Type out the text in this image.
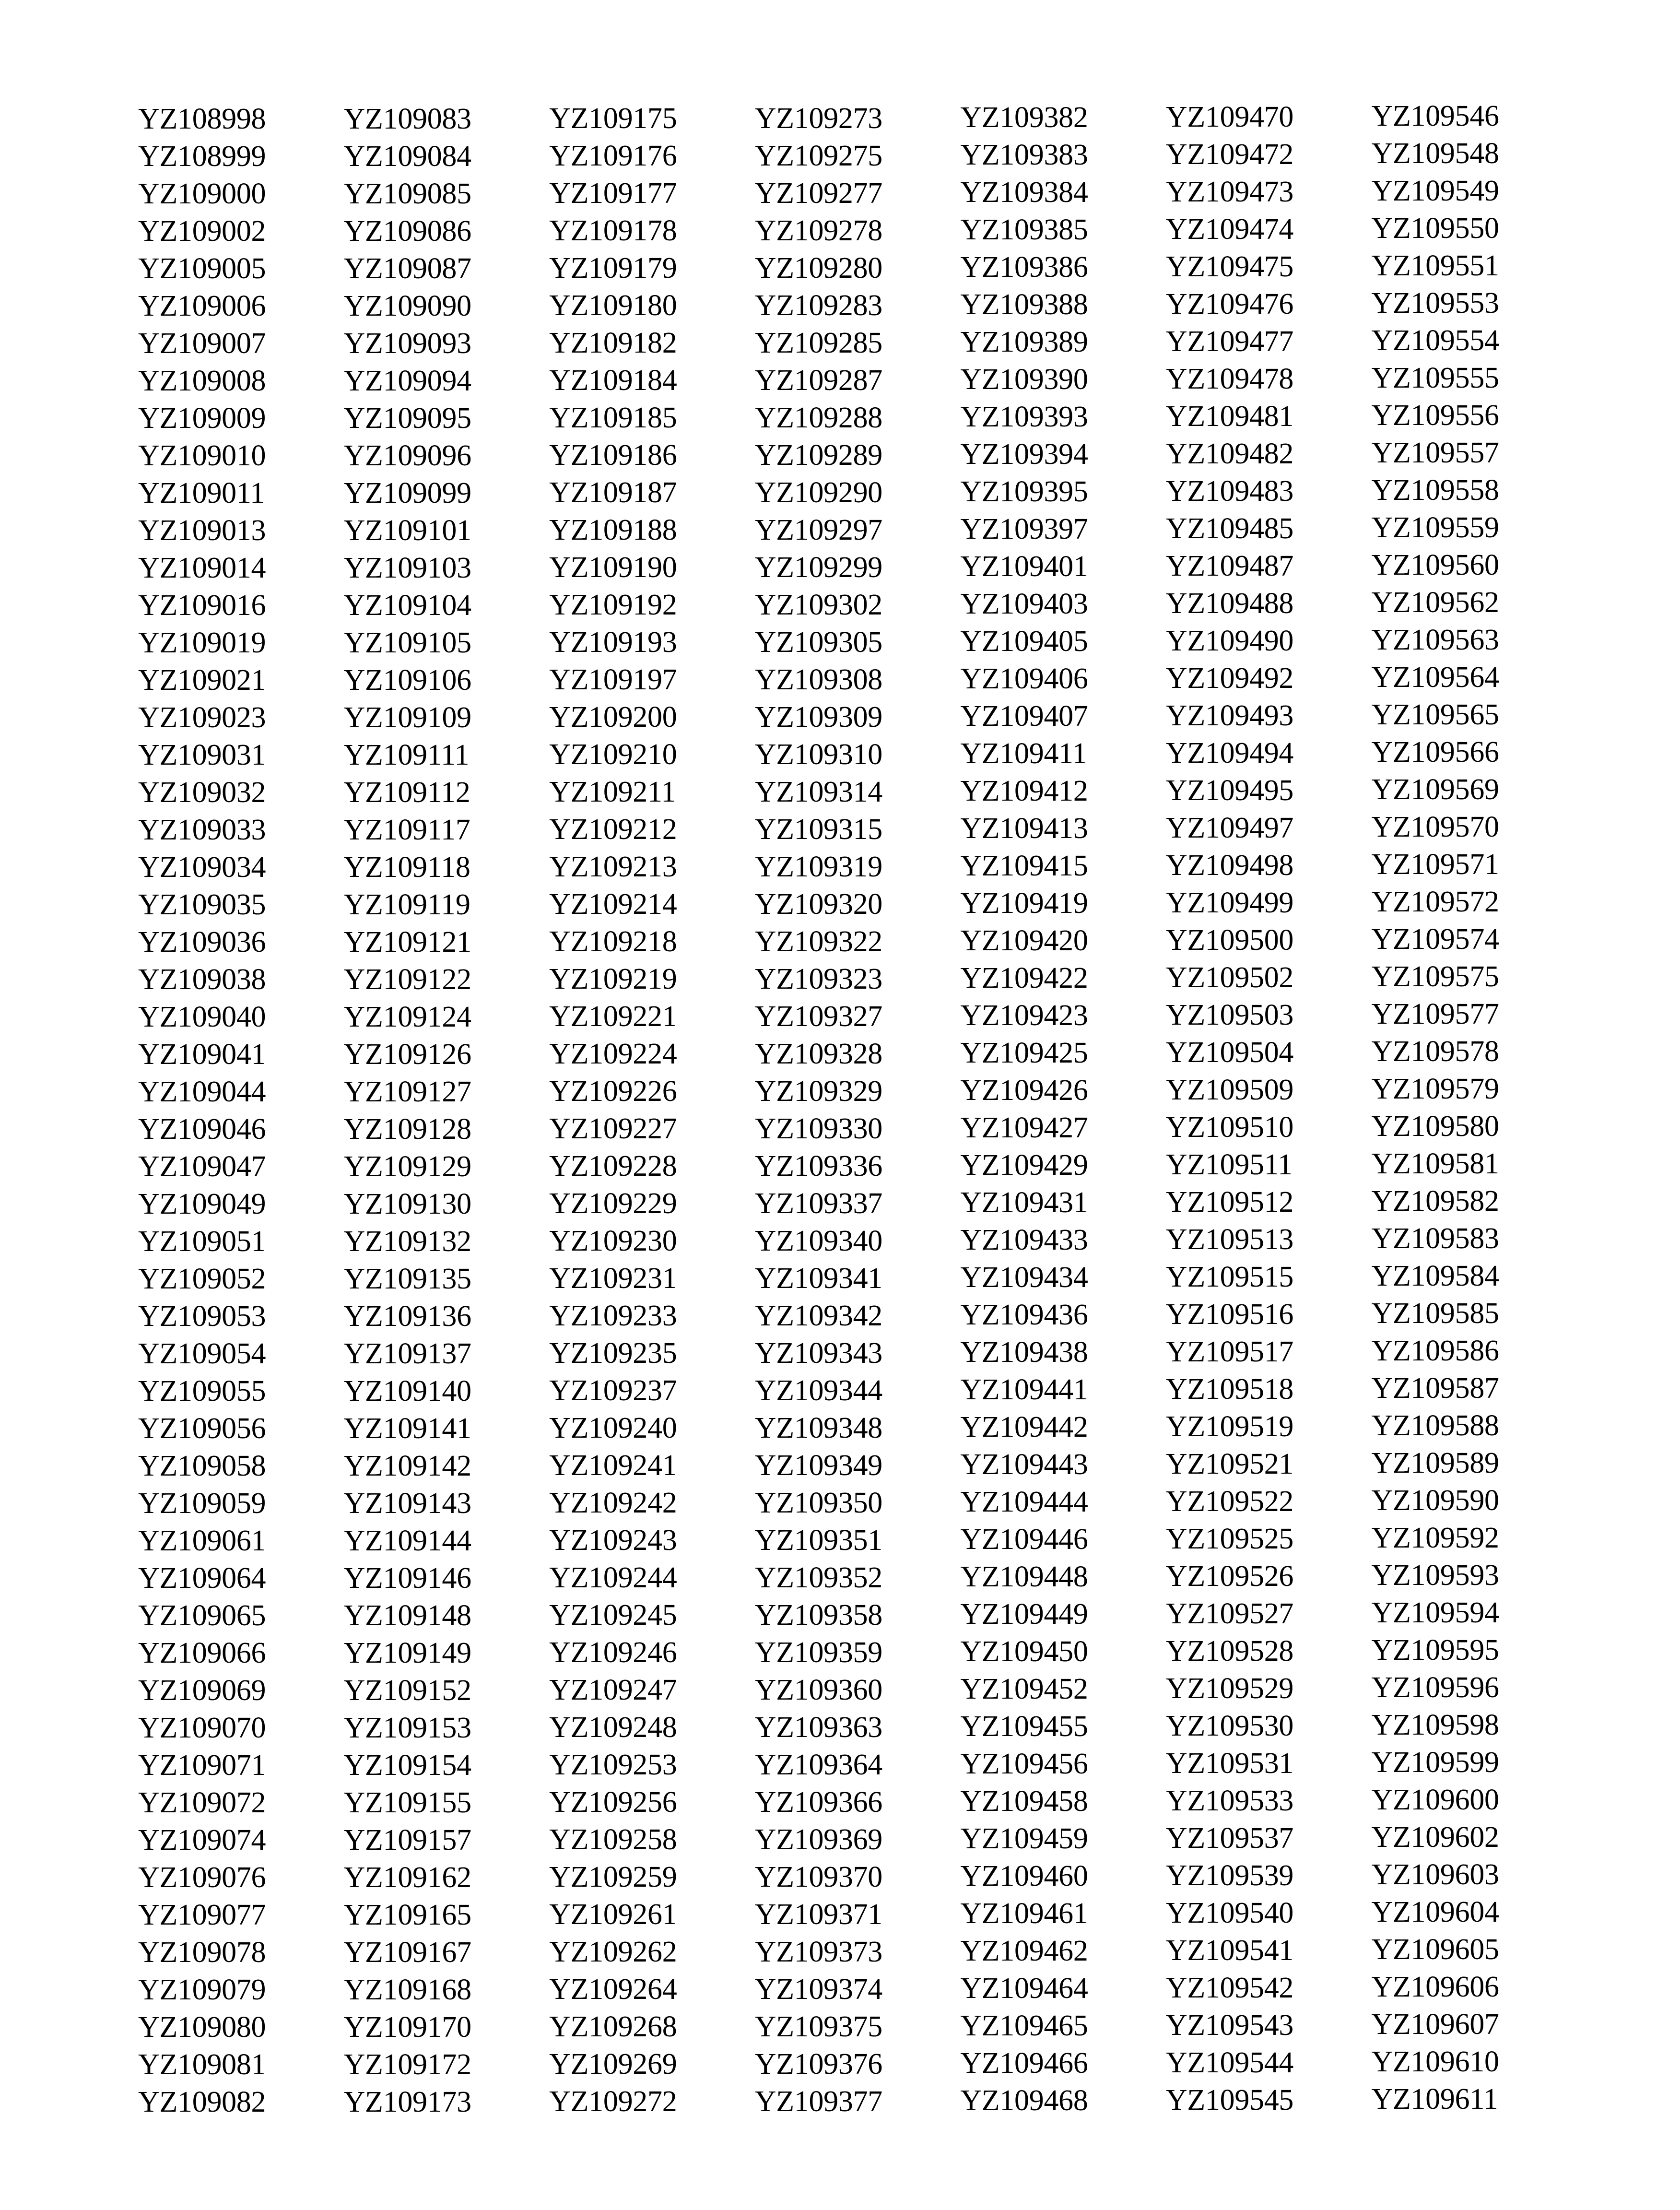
YZ108998
YZ108999
YZ109000
YZ109002
YZ109005
YZ109006
YZ109007
YZ109008
YZ109009
YZ109010
YZ109011
YZ109013
YZ109014
YZ109016
YZ109019
YZ109021
YZ109023
YZ109031
YZ109032
YZ109033
YZ109034
YZ109035
YZ109036
YZ109038
YZ109040
YZ109041
YZ109044
YZ109046
YZ109047
YZ109049
YZ109051
YZ109052
YZ109053
YZ109054
YZ109055
YZ109056
YZ109058
YZ109059
YZ109061
YZ109064
YZ109065
YZ109066
YZ109069
YZ109070
YZ109071
YZ109072
YZ109074
YZ109076
YZ109077
YZ109078
YZ109079
YZ109080
YZ109081
YZ109082
YZ109083
YZ109084
YZ109085
YZ109086
YZ109087
YZ109090
YZ109093
YZ109094
YZ109095
YZ109096
YZ109099
YZ109101
YZ109103
YZ109104
YZ109105
YZ109106
YZ109109
YZ109111
YZ109112
YZ109117
YZ109118
YZ109119
YZ109121
YZ109122
YZ109124
YZ109126
YZ109127
YZ109128
YZ109129
YZ109130
YZ109132
YZ109135
YZ109136
YZ109137
YZ109140
YZ109141
YZ109142
YZ109143
YZ109144
YZ109146
YZ109148
YZ109149
YZ109152
YZ109153
YZ109154
YZ109155
YZ109157
YZ109162
YZ109165
YZ109167
YZ109168
YZ109170
YZ109172
YZ109173
YZ109175
YZ109176
YZ109177
YZ109178
YZ109179
YZ109180
YZ109182
YZ109184
YZ109185
YZ109186
YZ109187
YZ109188
YZ109190
YZ109192
YZ109193
YZ109197
YZ109200
YZ109210
YZ109211
YZ109212
YZ109213
YZ109214
YZ109218
YZ109219
YZ109221
YZ109224
YZ109226
YZ109227
YZ109228
YZ109229
YZ109230
YZ109231
YZ109233
YZ109235
YZ109237
YZ109240
YZ109241
YZ109242
YZ109243
YZ109244
YZ109245
YZ109246
YZ109247
YZ109248
YZ109253
YZ109256
YZ109258
YZ109259
YZ109261
YZ109262
YZ109264
YZ109268
YZ109269
YZ109272
YZ109273
YZ109275
YZ109277
YZ109278
YZ109280
YZ109283
YZ109285
YZ109287
YZ109288
YZ109289
YZ109290
YZ109297
YZ109299
YZ109302
YZ109305
YZ109308
YZ109309
YZ109310
YZ109314
YZ109315
YZ109319
YZ109320
YZ109322
YZ109323
YZ109327
YZ109328
YZ109329
YZ109330
YZ109336
YZ109337
YZ109340
YZ109341
YZ109342
YZ109343
YZ109344
YZ109348
YZ109349
YZ109350
YZ109351
YZ109352
YZ109358
YZ109359
YZ109360
YZ109363
YZ109364
YZ109366
YZ109369
YZ109370
YZ109371
YZ109373
YZ109374
YZ109375
YZ109376
YZ109377
YZ109382
YZ109383
YZ109384
YZ109385
YZ109386
YZ109388
YZ109389
YZ109390
YZ109393
YZ109394
YZ109395
YZ109397
YZ109401
YZ109403
YZ109405
YZ109406
YZ109407
YZ109411
YZ109412
YZ109413
YZ109415
YZ109419
YZ109420
YZ109422
YZ109423
YZ109425
YZ109426
YZ109427
YZ109429
YZ109431
YZ109433
YZ109434
YZ109436
YZ109438
YZ109441
YZ109442
YZ109443
YZ109444
YZ109446
YZ109448
YZ109449
YZ109450
YZ109452
YZ109455
YZ109456
YZ109458
YZ109459
YZ109460
YZ109461
YZ109462
YZ109464
YZ109465
YZ109466
YZ109468
YZ109470
YZ109472
YZ109473
YZ109474
YZ109475
YZ109476
YZ109477
YZ109478
YZ109481
YZ109482
YZ109483
YZ109485
YZ109487
YZ109488
YZ109490
YZ109492
YZ109493
YZ109494
YZ109495
YZ109497
YZ109498
YZ109499
YZ109500
YZ109502
YZ109503
YZ109504
YZ109509
YZ109510
YZ109511
YZ109512
YZ109513
YZ109515
YZ109516
YZ109517
YZ109518
YZ109519
YZ109521
YZ109522
YZ109525
YZ109526
YZ109527
YZ109528
YZ109529
YZ109530
YZ109531
YZ109533
YZ109537
YZ109539
YZ109540
YZ109541
YZ109542
YZ109543
YZ109544
YZ109545
YZ109546
YZ109548
YZ109549
YZ109550
YZ109551
YZ109553
YZ109554
YZ109555
YZ109556
YZ109557
YZ109558
YZ109559
YZ109560
YZ109562
YZ109563
YZ109564
YZ109565
YZ109566
YZ109569
YZ109570
YZ109571
YZ109572
YZ109574
YZ109575
YZ109577
YZ109578
YZ109579
YZ109580
YZ109581
YZ109582
YZ109583
YZ109584
YZ109585
YZ109586
YZ109587
YZ109588
YZ109589
YZ109590
YZ109592
YZ109593
YZ109594
YZ109595
YZ109596
YZ109598
YZ109599
YZ109600
YZ109602
YZ109603
YZ109604
YZ109605
YZ109606
YZ109607
YZ109610
YZ109611
